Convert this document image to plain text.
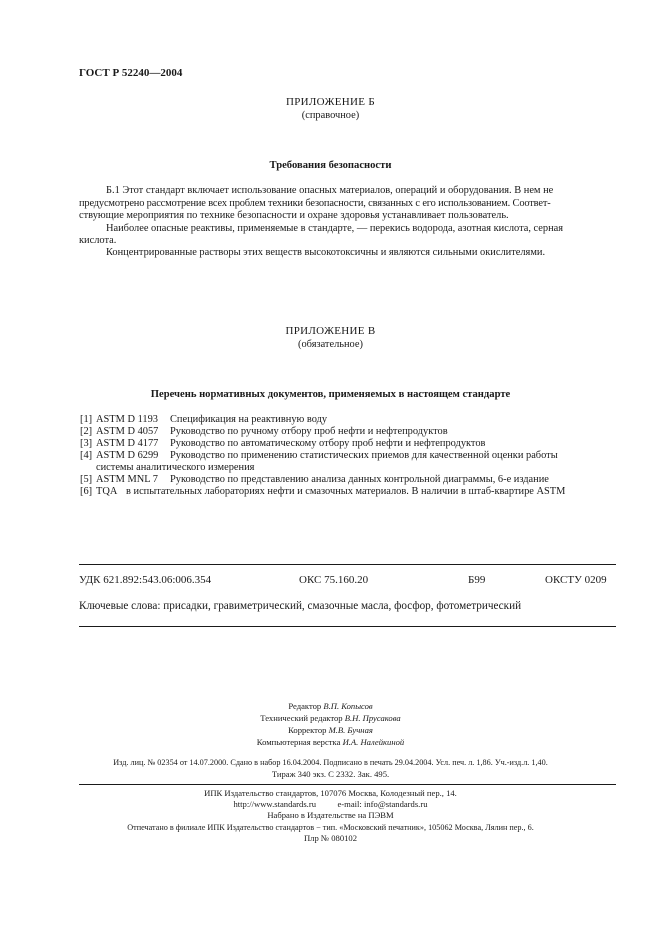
ГОСТ Р 52240—2004
ПРИЛОЖЕНИЕ Б
(справочное)
Требования безопасности
Б.1 Этот стандарт включает использование опасных материалов, операций и оборудования. В нем не
предусмотрено рассмотрение всех проблем техники безопасности, связанных с его использованием. Соответ-
ствующие мероприятия по технике безопасности и охране здоровья устанавливает пользователь.
Наиболее опасные реактивы, применяемые в стандарте, — перекись водорода, азотная кислота, серная
кислота.
Концентрированные растворы этих веществ высокотоксичны и являются сильными окислителями.
ПРИЛОЖЕНИЕ В
(обязательное)
Перечень нормативных документов, применяемых в настоящем стандарте
[1] ASTM D 1193 Спецификация на реактивную воду
[2] ASTM D 4057 Руководство по ручному отбору проб нефти и нефтепродуктов
[3] ASTM D 4177 Руководство по автоматическому отбору проб нефти и нефтепродуктов
[4] ASTM D 6299 Руководство по применению статистических приемов для качественной оценки работы
системы аналитического измерения
[5] ASTM MNL 7 Руководство по представлению анализа данных контрольной диаграммы, 6-е издание
[6] TQA в испытательных лабораториях нефти и смазочных материалов. В наличии в штаб-квартире ASTM
УДК 621.892:543.06:006.354	ОКС 75.160.20	Б99	ОКСТУ 0209
Ключевые слова: присадки, гравиметрический, смазочные масла, фосфор, фотометрический
Редактор В.П. Копысов
Технический редактор В.Н. Прусакова
Корректор М.В. Бучная
Компьютерная верстка И.А. Налейкиной
Изд. лиц. № 02354 от 14.07.2000. Сдано в набор 16.04.2004. Подписано в печать 29.04.2004. Усл. печ. л. 1,86. Уч.-изд.л. 1,40.
Тираж 340 экз. С 2332. Зак. 495.
ИПК Издательство стандартов, 107076 Москва, Колодезный пер., 14.
http://www.standards.ru e-mail: info@standards.ru
Набрано в Издательстве на ПЭВМ
Отпечатано в филиале ИПК Издательство стандартов − тип. «Московский печатник», 105062 Москва, Лялин пер., 6.
Плр № 080102
